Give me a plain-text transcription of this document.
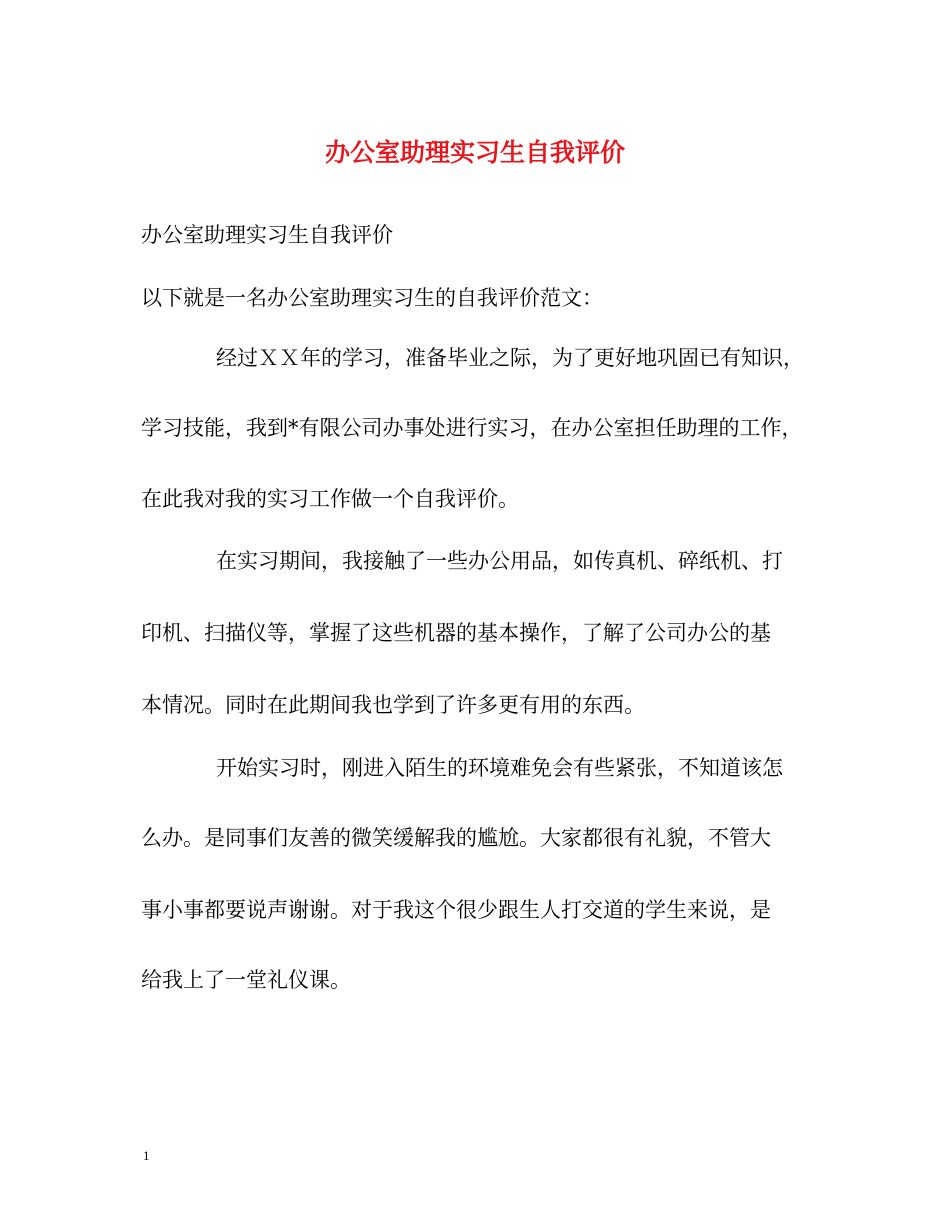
办公室助理实习生自我评价

办公室助理实习生自我评价

以下就是一名办公室助理实习生的自我评价范文：

经过ＸＸ年的学习，准备毕业之际，为了更好地巩固已有知识，

学习技能，我到*有限公司办事处进行实习，在办公室担任助理的工作，

在此我对我的实习工作做一个自我评价。

在实习期间，我接触了一些办公用品，如传真机、碎纸机、打

印机、扫描仪等，掌握了这些机器的基本操作，了解了公司办公的基

本情况。同时在此期间我也学到了许多更有用的东西。

开始实习时，刚进入陌生的环境难免会有些紧张，不知道该怎

么办。是同事们友善的微笑缓解我的尴尬。大家都很有礼貌，不管大

事小事都要说声谢谢。对于我这个很少跟生人打交道的学生来说，是

给我上了一堂礼仪课。

1
